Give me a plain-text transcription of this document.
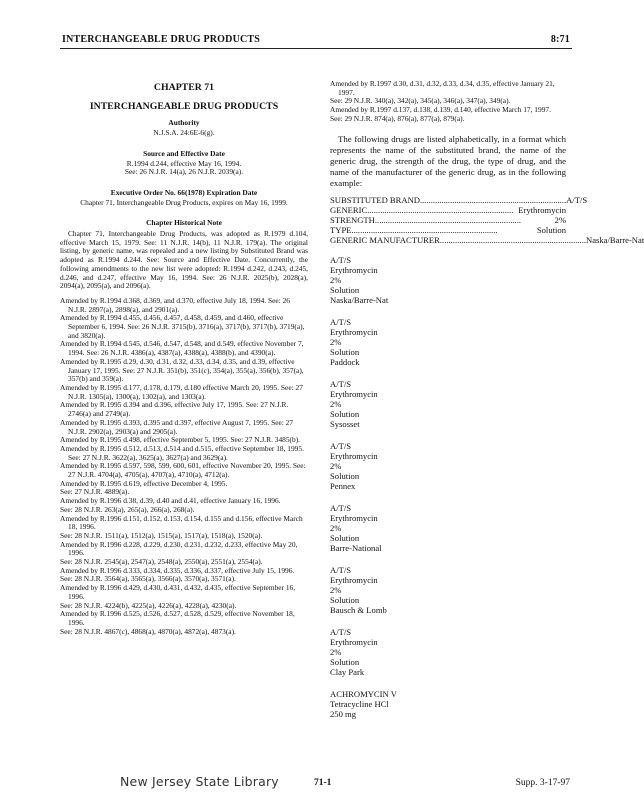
INTERCHANGEABLE DRUG PRODUCTS	8:71
CHAPTER 71
INTERCHANGEABLE DRUG PRODUCTS
Authority
N.J.S.A. 24:6E-6(g).
Source and Effective Date
R.1994 d.244, effective May 16, 1994.
See: 26 N.J.R. 14(a), 26 N.J.R. 2039(a).
Executive Order No. 66(1978) Expiration Date
Chapter 71, Interchangeable Drug Products, expires on May 16, 1999.
Chapter Historical Note
Chapter 71, Interchangeable Drug Products, was adopted as R.1979 d.104, effective March 15, 1979. See: 11 N.J.R. 14(b), 11 N.J.R. 179(a). The original listing, by generic name, was repealed and a new listing by Substituted Brand was adopted as R.1994 d.244. See: Source and Effective Date. Concurrently, the following amendments to the new list were adopted: R.1994 d.242, d.243, d.245, d.246, and d.247, effective May 16, 1994. See: 26 N.J.R. 2025(b), 2028(a), 2094(a), 2095(a), and 2096(a).
Amended by R.1994 d.368, d.369, and d.370, effective July 18, 1994. See: 26 N.J.R. 2897(a), 2898(a), and 2901(a).
Amended by R.1994 d.455, d.456, d.457, d.458, d.459, and d.460, effective September 6, 1994. See: 26 N.J.R. 3715(b), 3716(a), 3717(b), 3717(b), 3719(a), and 3820(a).
Amended by R.1994 d.545, d.546, d.547, d.548, and d.549, effective November 7, 1994. See: 26 N.J.R. 4386(a), 4387(a), 4388(a), 4388(b), and 4390(a).
Amended by R.1995 d.29, d.30, d.31, d.32, d.33, d.34, d.35, and d.39, effective January 17, 1995. See: 27 N.J.R. 351(b), 351(c), 354(a), 355(a), 356(b), 357(a), 357(b) and 359(a).
Amended by R.1995 d.177, d.178, d.179, d.180 effective March 20, 1995. See: 27 N.J.R. 1305(a), 1300(a), 1302(a), and 1303(a).
Amended by R.1995 d.394 and d.396, effective July 17, 1995. See: 27 N.J.R. 2746(a) and 2749(a).
Amended by R.1995 d.393, d.395 and d.397, effective August 7, 1995. See: 27 N.J.R. 2902(a), 2903(a) and 2905(a).
Amended by R.1995 d.498, effective September 5, 1995. See: 27 N.J.R. 3485(b).
Amended by R.1995 d.512, d.513, d.514 and d.515, effective September 18, 1995. See: 27 N.J.R. 3622(a), 3625(a), 3627(a) and 3629(a).
Amended by R.1995 d.597, 598, 599, 600, 601, effective November 20, 1995. See: 27 N.J.R. 4704(a), 4705(a), 4707(a), 4710(a), 4712(a).
Amended by R.1995 d.619, effective December 4, 1995.
See: 27 N.J.R. 4889(a).
Amended by R.1996 d.38, d.39, d.40 and d.41, effective January 16, 1996.
See: 28 N.J.R. 263(a), 265(a), 266(a), 268(a).
Amended by R.1996 d.151, d.152, d.153, d.154, d.155 and d.156, effective March 18, 1996.
See: 28 N.J.R. 1511(a), 1512(a), 1515(a), 1517(a), 1518(a), 1520(a).
Amended by R.1996 d.228, d.229, d.230, d.231, d.232, d.233, effective May 20, 1996.
See: 28 N.J.R. 2545(a), 2547(a), 2548(a), 2550(a), 2551(a), 2554(a).
Amended by R.1996 d.333, d.334, d.335, d.336, d.337, effective July 15, 1996.
See: 28 N.J.R. 3564(a), 3565(a), 3566(a), 3570(a), 3571(a).
Amended by R.1996 d.429, d.430, d.431, d.432, d.435, effective September 16, 1996.
See: 28 N.J.R. 4224(b), 4225(a), 4226(a), 4228(a), 4230(a).
Amended by R.1996 d.525, d.526, d.527, d.528, d.529, effective November 18, 1996.
See: 28 N.J.R. 4867(c), 4868(a), 4870(a), 4872(a), 4873(a).
Amended by R.1997 d.30, d.31, d.32, d.33, d.34, d.35, effective January 21, 1997.
See: 29 N.J.R. 340(a), 342(a), 345(a), 346(a), 347(a), 349(a).
Amended by R.1997 d.137, d.138, d.139, d.140, effective March 17, 1997.
See: 29 N.J.R. 874(a), 876(a), 877(a), 879(a).
The following drugs are listed alphabetically, in a format which represents the name of the substituted brand, the name of the generic drug, the strength of the drug, the type of drug, and the name of the manufacturer of the generic drug, as in the following example:
SUBSTITUTED BRAND .................................................................... A/T/S
GENERIC .................................................................... Erythromycin
STRENGTH ....................................................................	2%
TYPE ....................................................................	Solution
GENERIC MANUFACTURER .................................................................... Naska/Barre-Nat
A/T/S
Erythromycin
2%
Solution
Naska/Barre-Nat
A/T/S
Erythromycin
2%
Solution
Paddock
A/T/S
Erythromycin
2%
Solution
Sysosset
A/T/S
Erythromycin
2%
Solution
Pennex
A/T/S
Erythromycin
2%
Solution
Barre-National
A/T/S
Erythromycin
2%
Solution
Bausch & Lomb
A/T/S
Erythromycin
2%
Solution
Clay Park
ACHROMYCIN V
Tetracycline HCl
250 mg
New Jersey State Library	71-1	Supp. 3-17-97
